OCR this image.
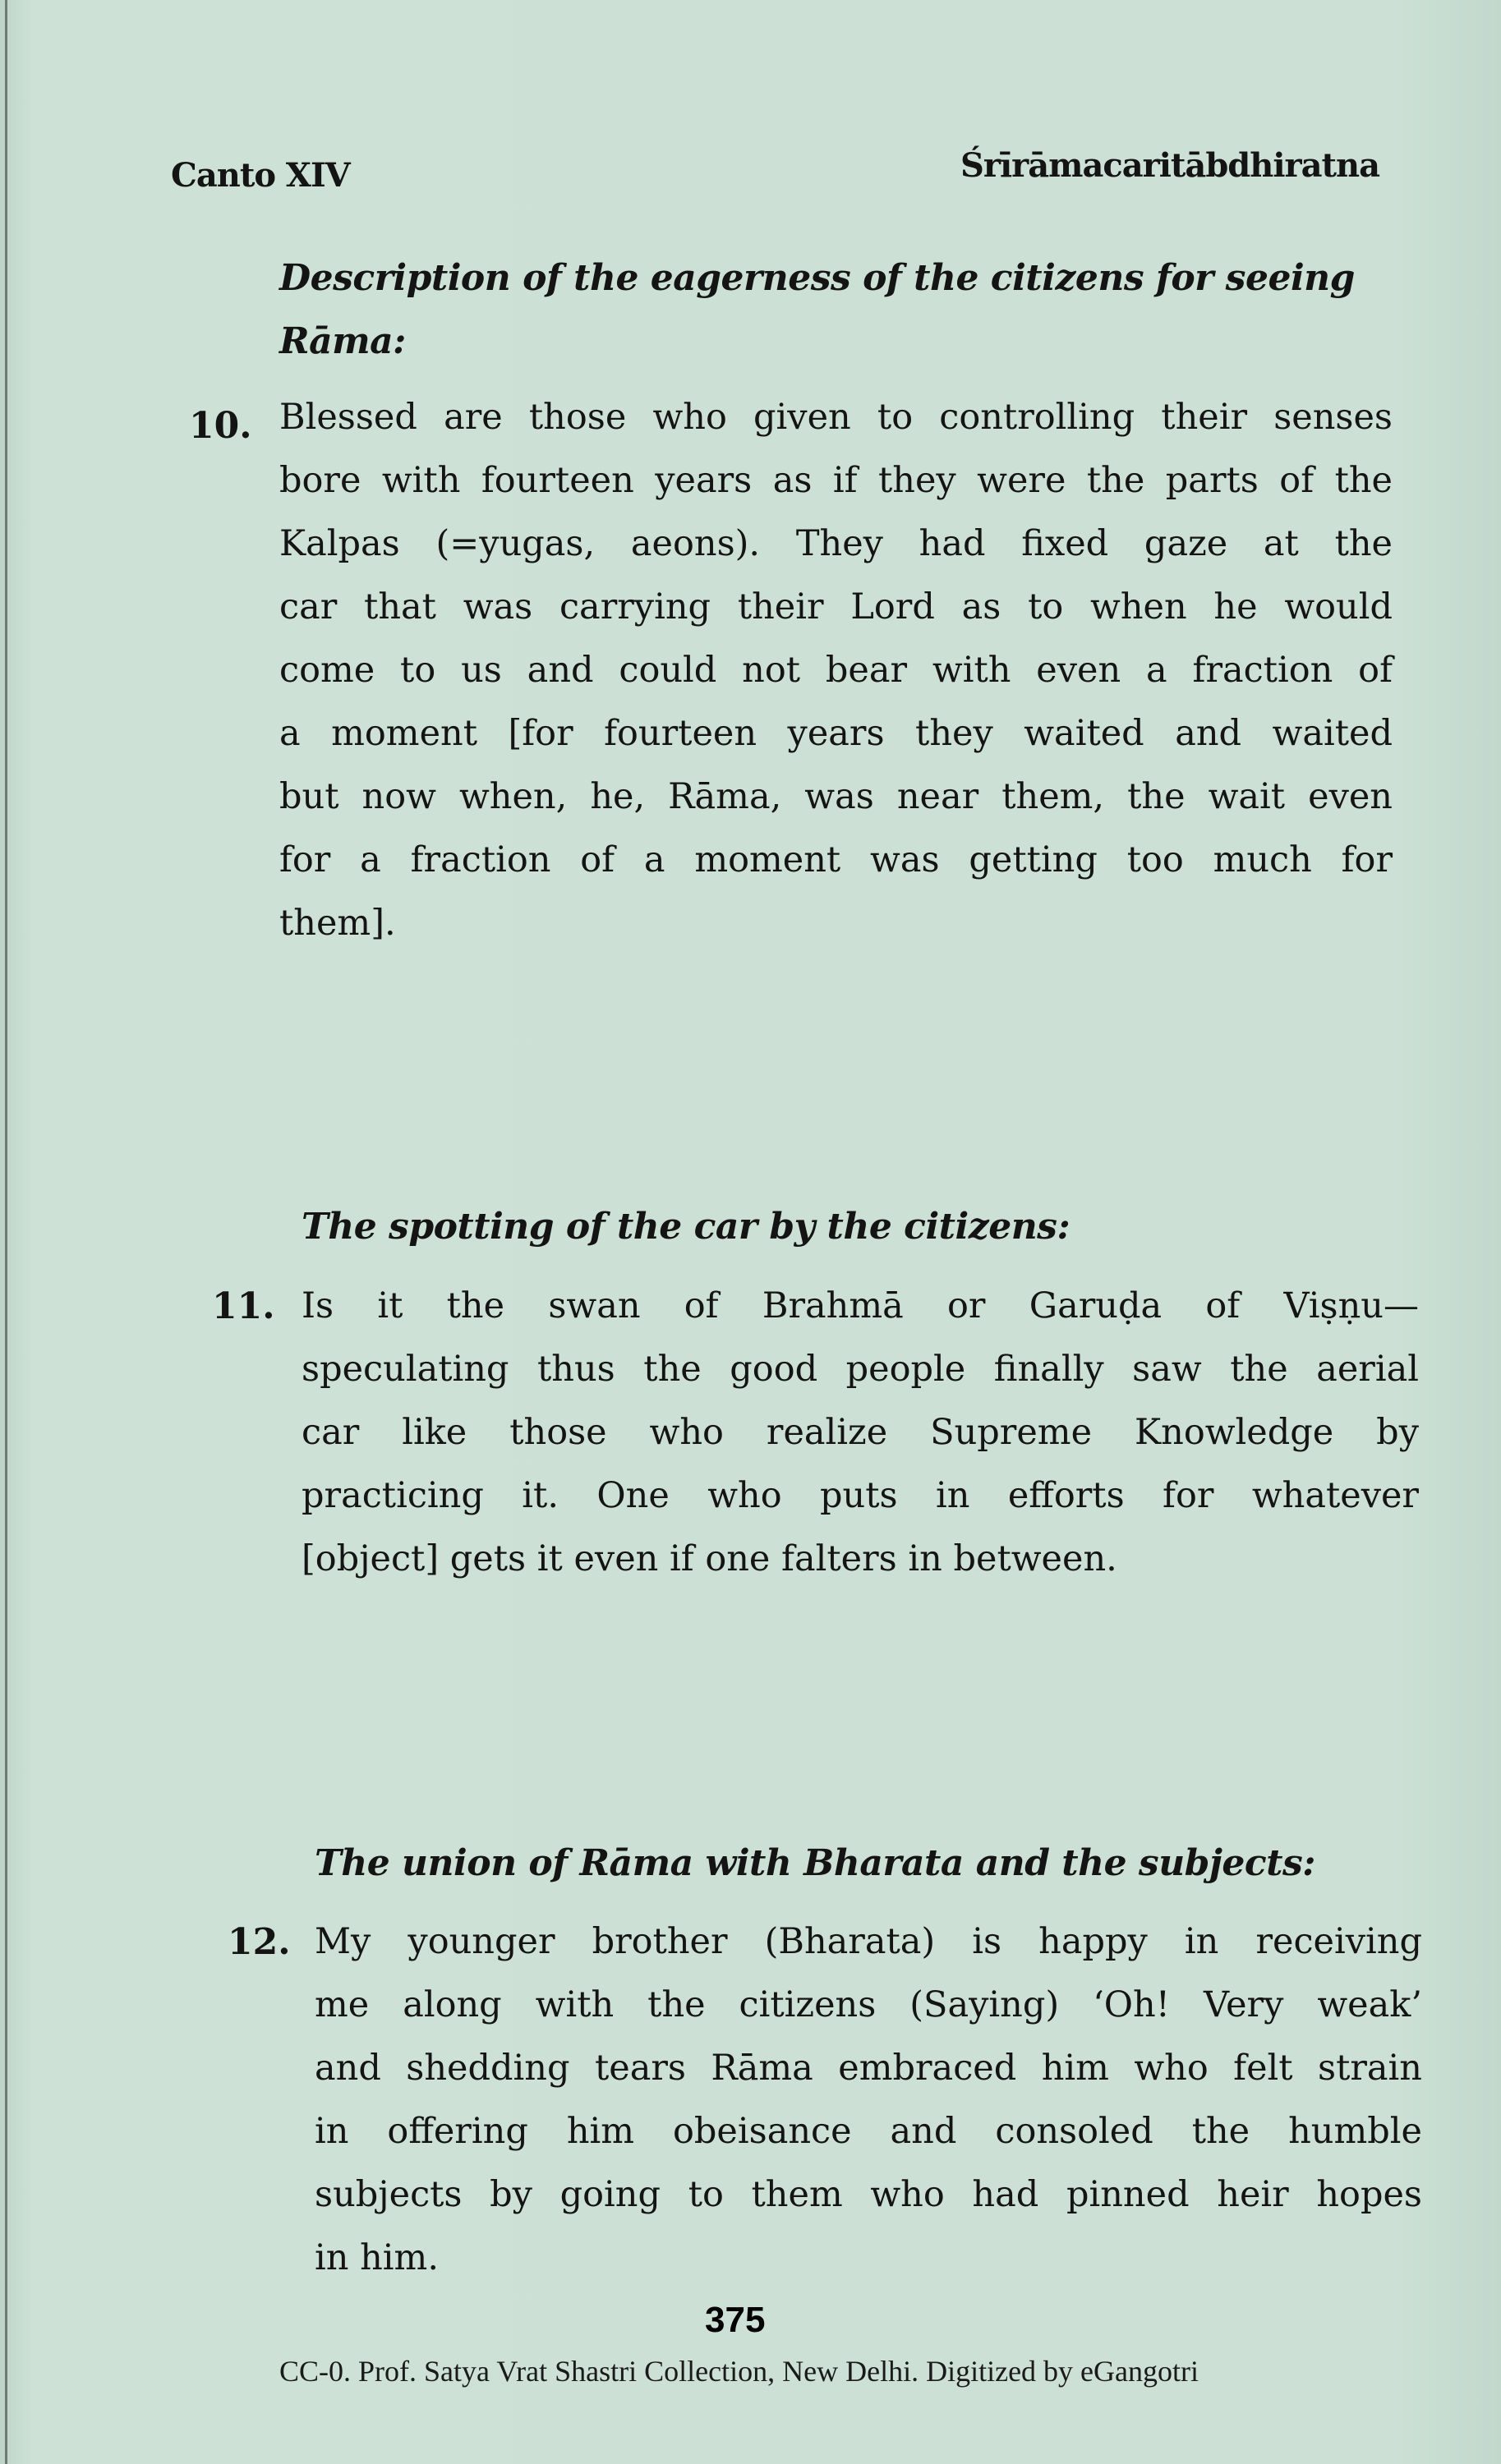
Canto XIV	Śrīrāmacaritābdhiratna
Description of the eagerness of the citizens for seeing
Rāma:
10. Blessed are those who given to controlling their senses
bore with fourteen years as if they were the parts of the
Kalpas (=yugas, aeons). They had fixed gaze at the
car that was carrying their Lord as to when he would
come to us and could not bear with even a fraction of
a moment [for fourteen years they waited and waited
but now when, he, Rāma, was near them, the wait even
for a fraction of a moment was getting too much for
them].
The spotting of the car by the citizens:
11. Is it the swan of Brahmā or Garuḍa of Viṣṇu—
speculating thus the good people finally saw the aerial
car like those who realize Supreme Knowledge by
practicing it. One who puts in efforts for whatever
[object] gets it even if one falters in between.
The union of Rāma with Bharata and the subjects:
12. My younger brother (Bharata) is happy in receiving
me along with the citizens (Saying) ‘Oh! Very weak’
and shedding tears Rāma embraced him who felt strain
in offering him obeisance and consoled the humble
subjects by going to them who had pinned heir hopes
in him.
375
CC-0. Prof. Satya Vrat Shastri Collection, New Delhi. Digitized by eGangotri
